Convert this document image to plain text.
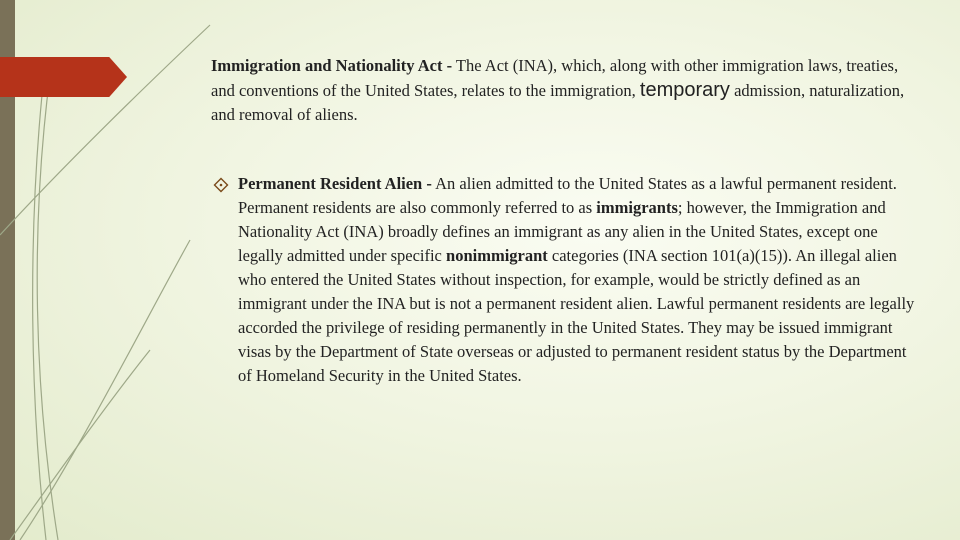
Immigration and Nationality Act - The Act (INA), which, along with other immigration laws, treaties, and conventions of the United States, relates to the immigration, temporary admission, naturalization, and removal of aliens.

Permanent Resident Alien - An alien admitted to the United States as a lawful permanent resident. Permanent residents are also commonly referred to as immigrants; however, the Immigration and Nationality Act (INA) broadly defines an immigrant as any alien in the United States, except one legally admitted under specific nonimmigrant categories (INA section 101(a)(15)). An illegal alien who entered the United States without inspection, for example, would be strictly defined as an immigrant under the INA but is not a permanent resident alien. Lawful permanent residents are legally accorded the privilege of residing permanently in the United States. They may be issued immigrant visas by the Department of State overseas or adjusted to permanent resident status by the Department of Homeland Security in the United States.
